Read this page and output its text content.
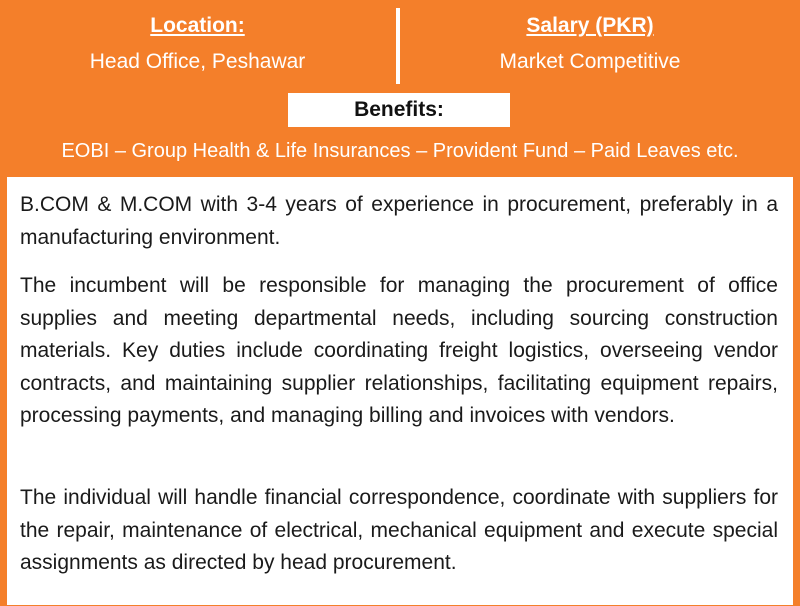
Location:
Head Office, Peshawar
Salary (PKR)
Market Competitive
Benefits:
EOBI – Group Health & Life Insurances – Provident Fund – Paid Leaves etc.

B.COM & M.COM with 3-4 years of experience in procurement, preferably in a manufacturing environment.

The incumbent will be responsible for managing the procurement of office supplies and meeting departmental needs, including sourcing construction materials. Key duties include coordinating freight logistics, overseeing vendor contracts, and maintaining supplier relationships, facilitating equipment repairs, processing payments, and managing billing and invoices with vendors.

The individual will handle financial correspondence, coordinate with suppliers for the repair, maintenance of electrical, mechanical equipment and execute special assignments as directed by head procurement.
